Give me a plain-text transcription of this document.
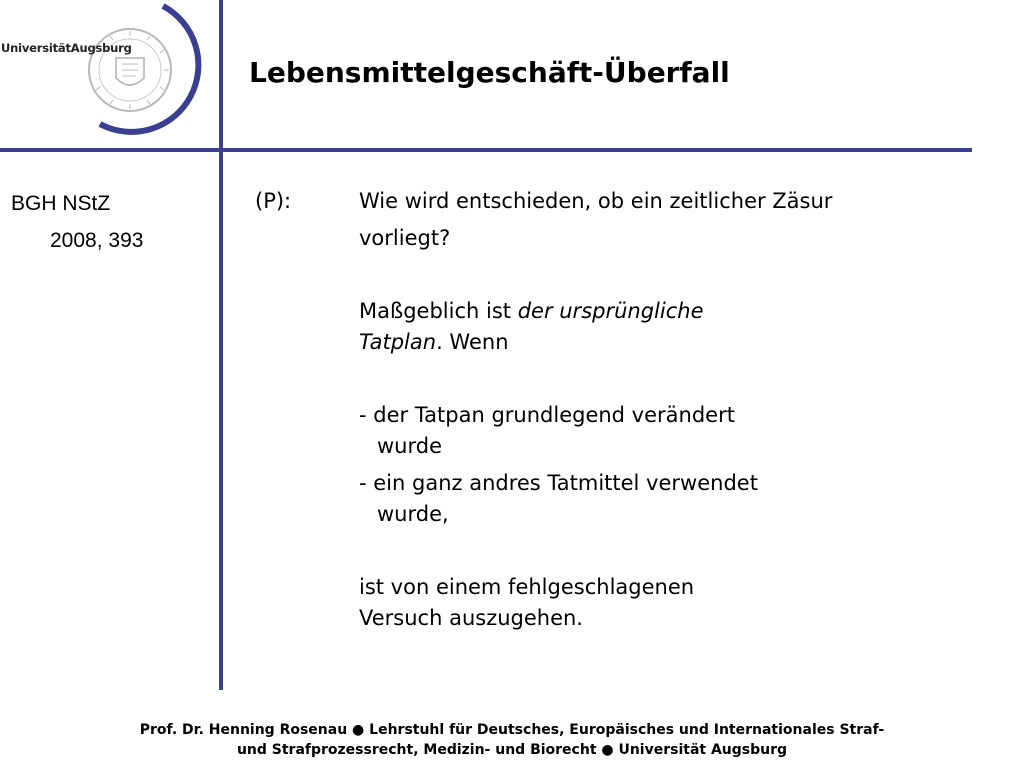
UniversitätAugsburg
Lebensmittelgeschäft-Überfall
BGH NStZ
2008, 393
(P):	Wie wird entschieden, ob ein zeitlicher Zäsur
vorliegt?
Maßgeblich ist der ursprüngliche
Tatplan. Wenn
- der Tatpan grundlegend verändert
wurde
- ein ganz andres Tatmittel verwendet
wurde,
ist von einem fehlgeschlagenen
Versuch auszugehen.
Prof. Dr. Henning Rosenau ● Lehrstuhl für Deutsches, Europäisches und Internationales Straf-
und Strafprozessrecht, Medizin- und Biorecht ● Universität Augsburg
